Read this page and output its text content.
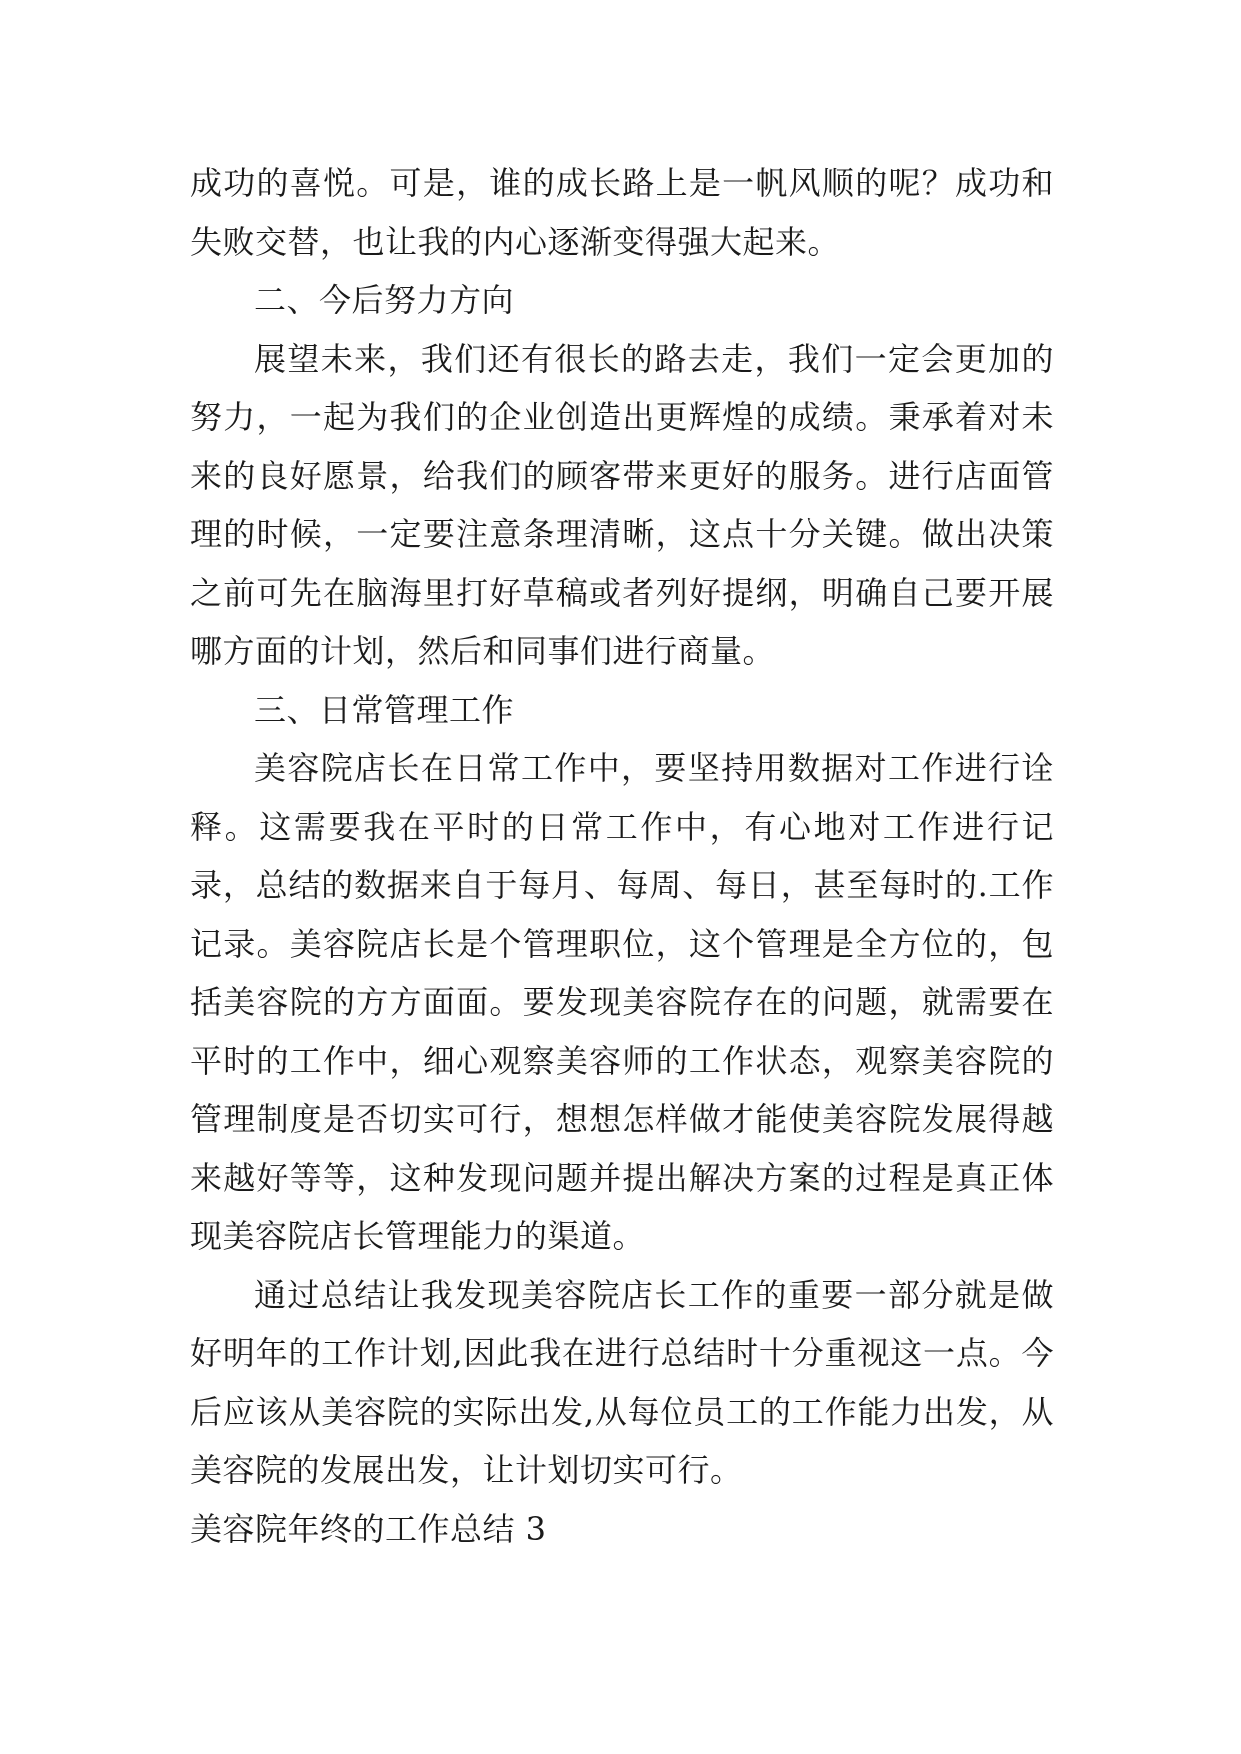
成功的喜悦。可是，谁的成长路上是一帆风顺的呢？成功和失败交替，也让我的内心逐渐变得强大起来。

二、今后努力方向

展望未来，我们还有很长的路去走，我们一定会更加的努力，一起为我们的企业创造出更辉煌的成绩。秉承着对未来的良好愿景，给我们的顾客带来更好的服务。进行店面管理的时候，一定要注意条理清晰，这点十分关键。做出决策之前可先在脑海里打好草稿或者列好提纲，明确自己要开展哪方面的计划，然后和同事们进行商量。

三、日常管理工作

美容院店长在日常工作中，要坚持用数据对工作进行诠释。这需要我在平时的日常工作中，有心地对工作进行记录，总结的数据来自于每月、每周、每日，甚至每时的.工作记录。美容院店长是个管理职位，这个管理是全方位的，包括美容院的方方面面。要发现美容院存在的问题，就需要在平时的工作中，细心观察美容师的工作状态，观察美容院的管理制度是否切实可行，想想怎样做才能使美容院发展得越来越好等等，这种发现问题并提出解决方案的过程是真正体现美容院店长管理能力的渠道。

通过总结让我发现美容院店长工作的重要一部分就是做好明年的工作计划,因此我在进行总结时十分重视这一点。今后应该从美容院的实际出发,从每位员工的工作能力出发，从美容院的发展出发，让计划切实可行。

美容院年终的工作总结 3
